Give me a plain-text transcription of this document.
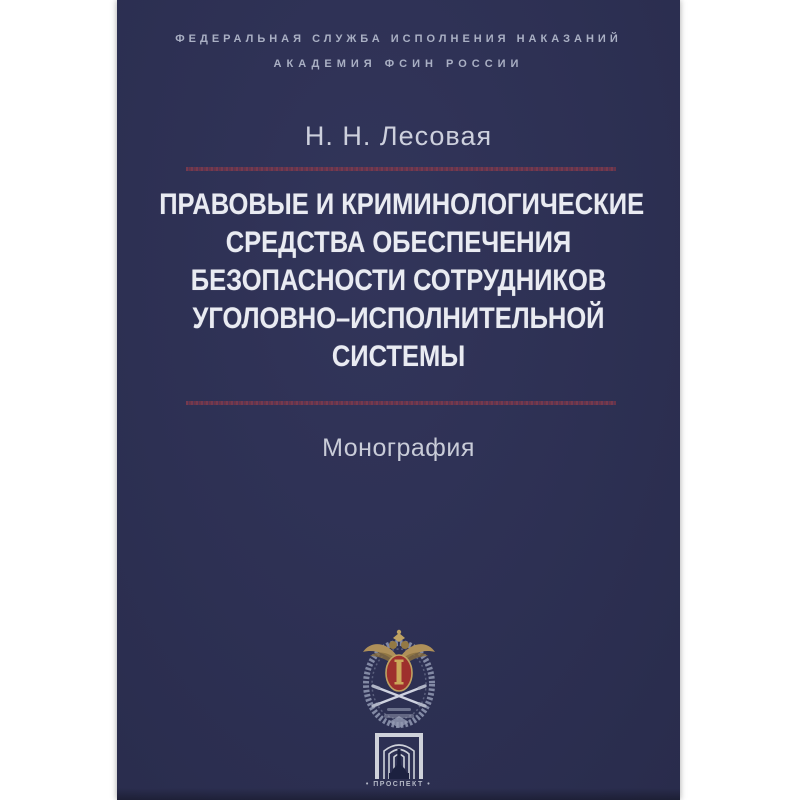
ФЕДЕРАЛЬНАЯ СЛУЖБА ИСПОЛНЕНИЯ НАКАЗАНИЙ
АКАДЕМИЯ ФСИН РОССИИ
Н. Н. Лесовая
ПРАВОВЫЕ И КРИМИНОЛОГИЧЕСКИЕ
СРЕДСТВА ОБЕСПЕЧЕНИЯ
БЕЗОПАСНОСТИ СОТРУДНИКОВ
УГОЛОВНО–ИСПОЛНИТЕЛЬНОЙ
СИСТЕМЫ
Монография
• ПРОСПЕКТ •
